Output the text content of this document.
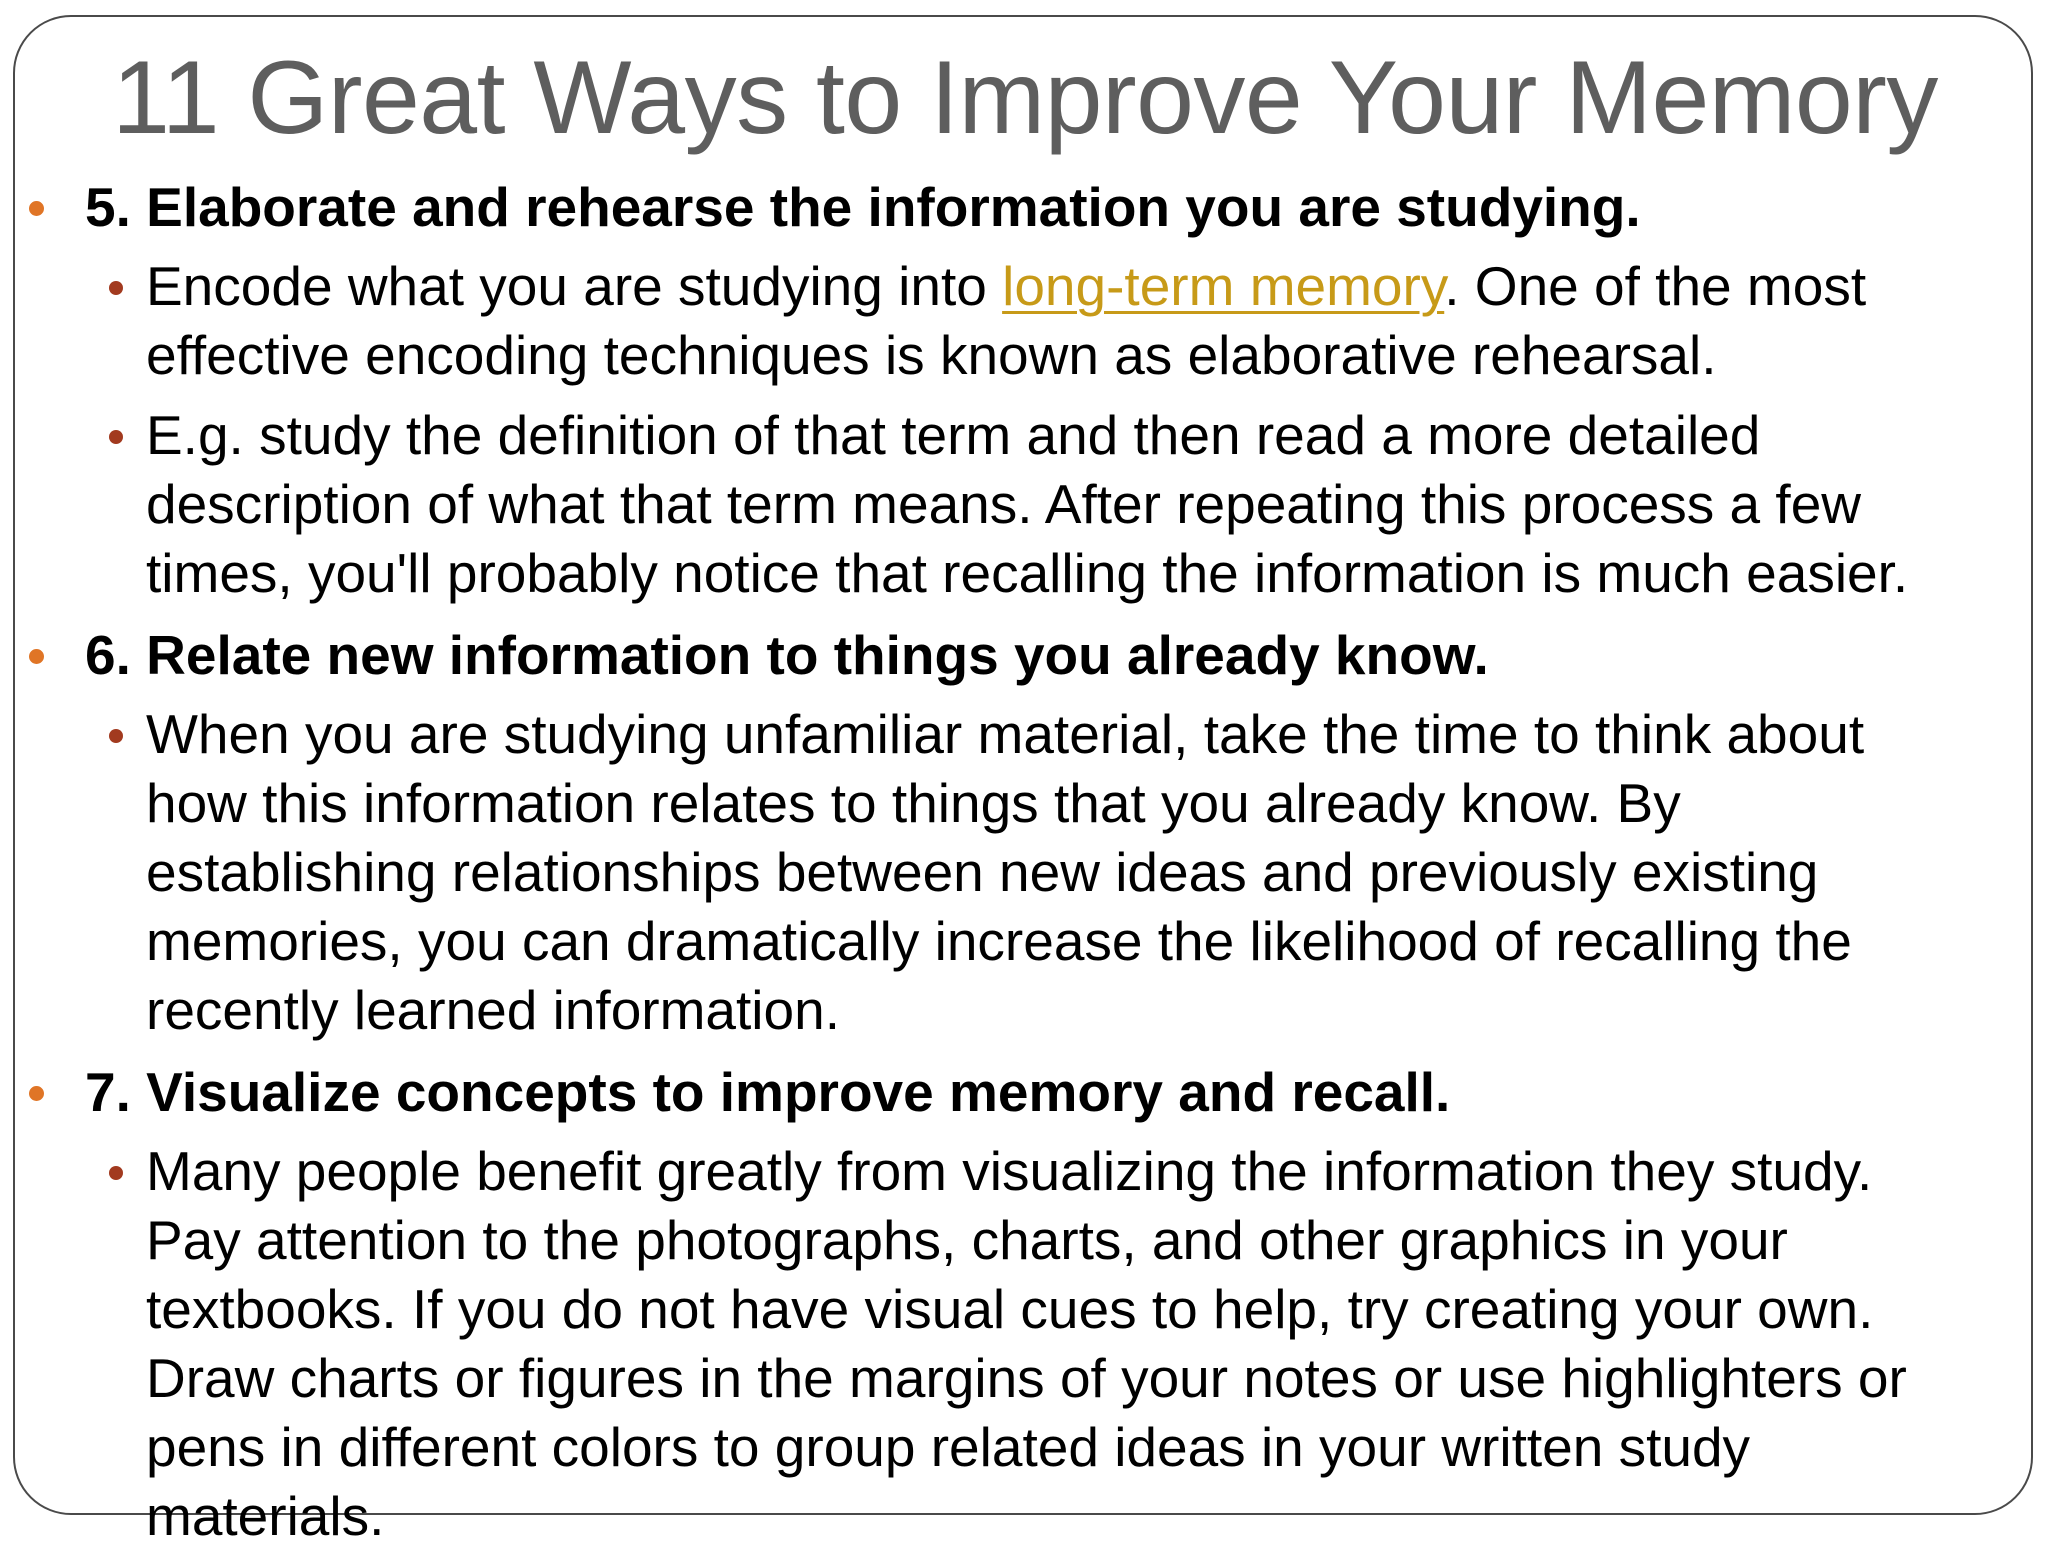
11 Great Ways to Improve Your Memory
5. Elaborate and rehearse the information you are studying.
Encode what you are studying into long-term memory. One of the most
effective encoding techniques is known as elaborative rehearsal.
E.g. study the definition of that term and then read a more detailed
description of what that term means. After repeating this process a few
times, you'll probably notice that recalling the information is much easier.
6. Relate new information to things you already know.
When you are studying unfamiliar material, take the time to think about
how this information relates to things that you already know. By
establishing relationships between new ideas and previously existing
memories, you can dramatically increase the likelihood of recalling the
recently learned information.
7. Visualize concepts to improve memory and recall.
Many people benefit greatly from visualizing the information they study.
Pay attention to the photographs, charts, and other graphics in your
textbooks. If you do not have visual cues to help, try creating your own.
Draw charts or figures in the margins of your notes or use highlighters or
pens in different colors to group related ideas in your written study
materials.
